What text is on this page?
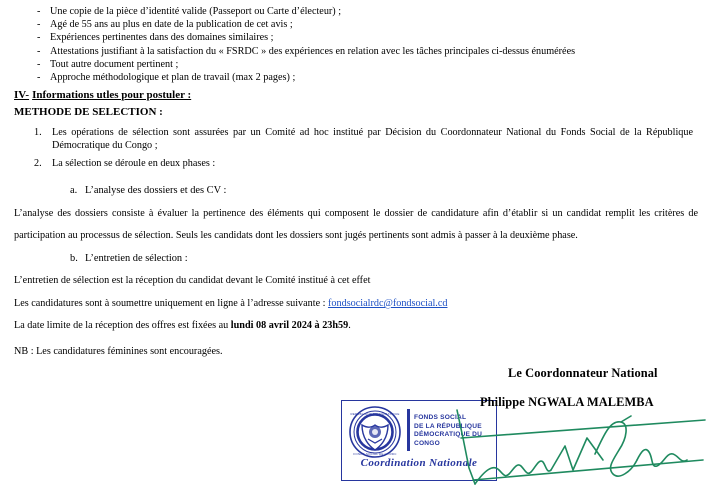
- Une copie de la pièce d’identité valide (Passeport ou Carte d’électeur) ;
- Agé de 55 ans au plus en date de la publication de cet avis ;
- Expériences pertinentes dans des domaines similaires ;
- Attestations justifiant à la satisfaction du « FSRDC » des expériences en relation avec les tâches principales ci-dessus énumérées
- Tout autre document pertinent ;
- Approche méthodologique et plan de travail (max 2 pages) ;
IV- Informations utles pour postuler :
METHODE DE SELECTION :
1. Les opérations de sélection sont assurées par un Comité ad hoc institué par Décision du Coordonnateur National du Fonds Social de la République Démocratique du Congo ;
2. La sélection se déroule en deux phases :
a. L’analyse des dossiers et des CV :
L’analyse des dossiers consiste à évaluer la pertinence des éléments qui composent le dossier de candidature afin d’établir si un candidat remplit les critères de participation au processus de sélection. Seuls les candidats dont les dossiers sont jugés pertinents sont admis à passer à la deuxième phase.
b. L’entretien de sélection :
L’entretien de sélection est la réception du candidat devant le Comité institué à cet effet
Les candidatures sont à soumettre uniquement en ligne à l’adresse suivante : fondsocialrdc@fondsocial.cd
La date limite de la réception des offres est fixées au lundi 08 avril 2024 à 23h59.
NB : Les candidatures féminines sont encouragées.
Le Coordonnateur National
Philippe NGWALA MALEMBA
REPUBLIQUE DEMOCRATIQUE
FONDS SOCIAL DE LA RDC
FONDS SOCIAL
DE LA RÉPUBLIQUE
DÉMOCRATIQUE DU CONGO
Coordination Nationale
